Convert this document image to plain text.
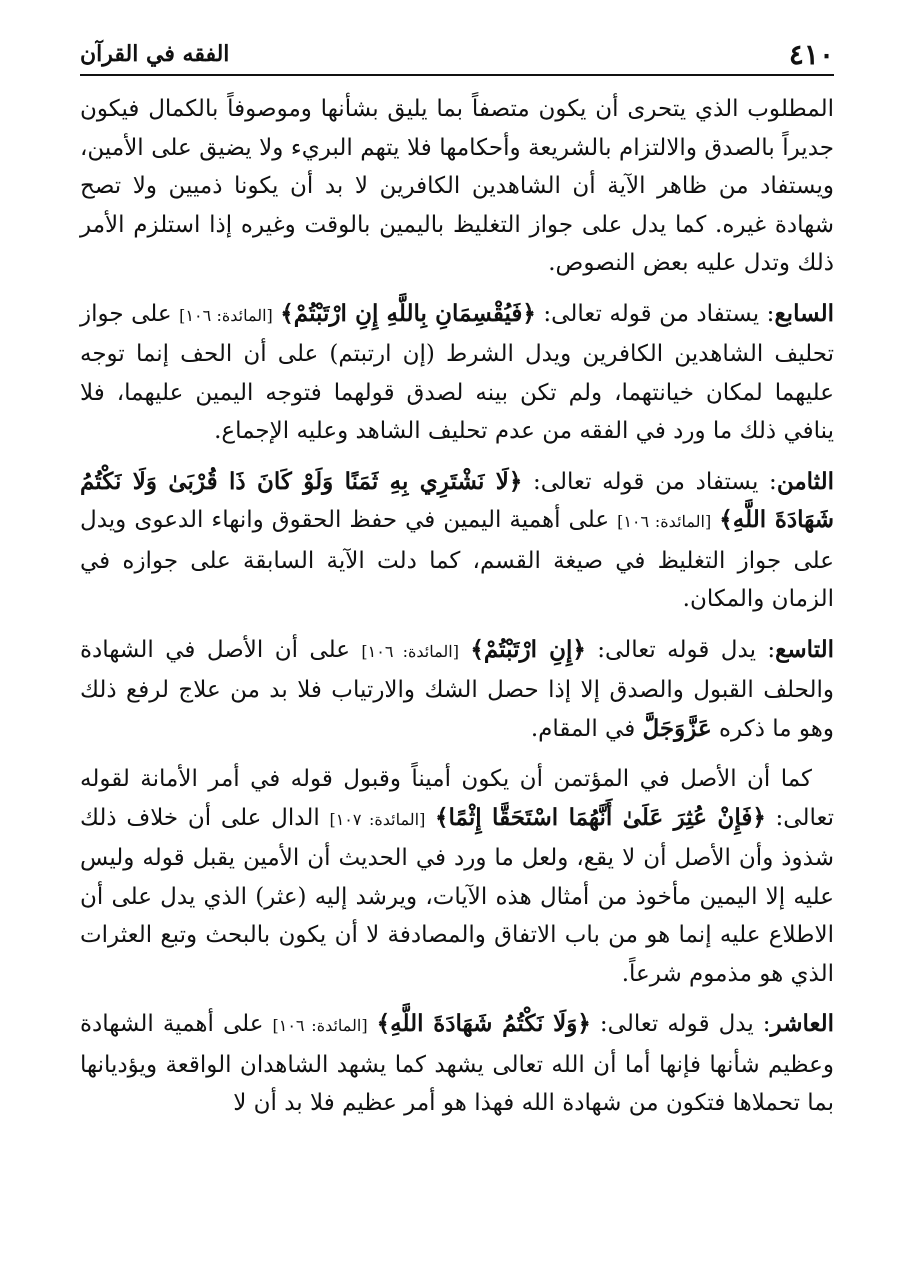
٤١٠
الفقه في القرآن

المطلوب الذي يتحرى أن يكون متصفاً بما يليق بشأنها وموصوفاً بالكمال فيكون جديراً بالصدق والالتزام بالشريعة وأحكامها فلا يتهم البريء ولا يضيق على الأمين، ويستفاد من ظاهر الآية أن الشاهدين الكافرين لا بد أن يكونا ذميين ولا تصح شهادة غيره. كما يدل على جواز التغليظ باليمين بالوقت وغيره إذا استلزم الأمر ذلك وتدل عليه بعض النصوص.

السابع: يستفاد من قوله تعالى: ﴿فَيُقْسِمَانِ بِاللَّهِ إِنِ ارْتَبْتُمْ﴾ [المائدة: ١٠٦] على جواز تحليف الشاهدين الكافرين ويدل الشرط (إن ارتبتم) على أن الحف إنما توجه عليهما لمكان خيانتهما، ولم تكن بينه لصدق قولهما فتوجه اليمين عليهما، فلا ينافي ذلك ما ورد في الفقه من عدم تحليف الشاهد وعليه الإجماع.

الثامن: يستفاد من قوله تعالى: ﴿لَا نَشْتَرِي بِهِ ثَمَنًا وَلَوْ كَانَ ذَا قُرْبَىٰ وَلَا نَكْتُمُ شَهَادَةَ اللَّهِ﴾ [المائدة: ١٠٦] على أهمية اليمين في حفظ الحقوق وانهاء الدعوى ويدل على جواز التغليظ في صيغة القسم، كما دلت الآية السابقة على جوازه في الزمان والمكان.

التاسع: يدل قوله تعالى: ﴿إِنِ ارْتَبْتُمْ﴾ [المائدة: ١٠٦] على أن الأصل في الشهادة والحلف القبول والصدق إلا إذا حصل الشك والارتياب فلا بد من علاج لرفع ذلك وهو ما ذكره عَزَّوَجَلَّ في المقام.

كما أن الأصل في المؤتمن أن يكون أميناً وقبول قوله في أمر الأمانة لقوله تعالى: ﴿فَإِنْ عُثِرَ عَلَىٰ أَنَّهُمَا اسْتَحَقَّا إِثْمًا﴾ [المائدة: ١٠٧] الدال على أن خلاف ذلك شذوذ وأن الأصل أن لا يقع، ولعل ما ورد في الحديث أن الأمين يقبل قوله وليس عليه إلا اليمين مأخوذ من أمثال هذه الآيات، ويرشد إليه (عثر) الذي يدل على أن الاطلاع عليه إنما هو من باب الاتفاق والمصادفة لا أن يكون بالبحث وتبع العثرات الذي هو مذموم شرعاً.

العاشر: يدل قوله تعالى: ﴿وَلَا نَكْتُمُ شَهَادَةَ اللَّهِ﴾ [المائدة: ١٠٦] على أهمية الشهادة وعظيم شأنها فإنها أما أن الله تعالى يشهد كما يشهد الشاهدان الواقعة ويؤديانها بما تحملاها فتكون من شهادة الله فهذا هو أمر عظيم فلا بد أن لا
